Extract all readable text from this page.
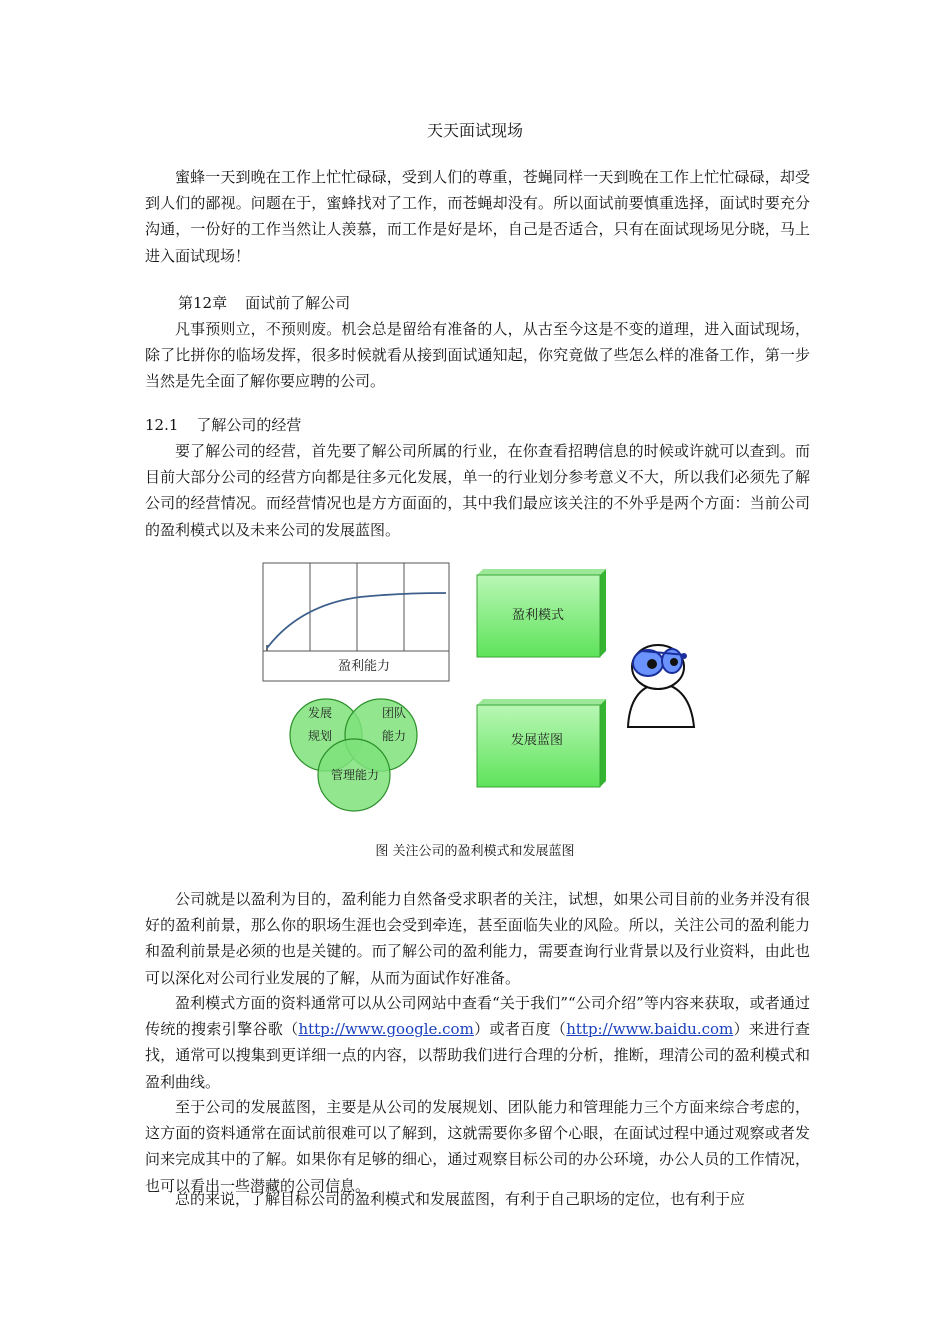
天天面试现场

蜜蜂一天到晚在工作上忙忙碌碌，受到人们的尊重，苍蝇同样一天到晚在工作上忙忙碌碌，却受到人们的鄙视。问题在于，蜜蜂找对了工作，而苍蝇却没有。所以面试前要慎重选择，面试时要充分沟通，一份好的工作当然让人羡慕，而工作是好是坏，自己是否适合，只有在面试现场见分晓，马上进入面试现场！

第12章 面试前了解公司

凡事预则立，不预则废。机会总是留给有准备的人，从古至今这是不变的道理，进入面试现场，除了比拼你的临场发挥，很多时候就看从接到面试通知起，你究竟做了些怎么样的准备工作，第一步当然是先全面了解你要应聘的公司。

12.1 了解公司的经营

要了解公司的经营，首先要了解公司所属的行业，在你查看招聘信息的时候或许就可以查到。而目前大部分公司的经营方向都是往多元化发展，单一的行业划分参考意义不大，所以我们必须先了解公司的经营情况。而经营情况也是方方面面的，其中我们最应该关注的不外乎是两个方面：当前公司的盈利模式以及未来公司的发展蓝图。

盈利能力
盈利模式
发展蓝图
发展
规划
团队
能力
管理能力
图 关注公司的盈利模式和发展蓝图

公司就是以盈利为目的，盈利能力自然备受求职者的关注，试想，如果公司目前的业务并没有很好的盈利前景，那么你的职场生涯也会受到牵连，甚至面临失业的风险。所以，关注公司的盈利能力和盈利前景是必须的也是关键的。而了解公司的盈利能力，需要查询行业背景以及行业资料，由此也可以深化对公司行业发展的了解，从而为面试作好准备。

盈利模式方面的资料通常可以从公司网站中查看“关于我们”“公司介绍”等内容来获取，或者通过传统的搜索引擎谷歌（http://www.google.com）或者百度（http://www.baidu.com）来进行查找，通常可以搜集到更详细一点的内容，以帮助我们进行合理的分析，推断，理清公司的盈利模式和盈利曲线。

至于公司的发展蓝图，主要是从公司的发展规划、团队能力和管理能力三个方面来综合考虑的，这方面的资料通常在面试前很难可以了解到，这就需要你多留个心眼，在面试过程中通过观察或者发问来完成其中的了解。如果你有足够的细心，通过观察目标公司的办公环境，办公人员的工作情况，也可以看出一些潜藏的公司信息。

总的来说，了解目标公司的盈利模式和发展蓝图，有利于自己职场的定位，也有利于应
